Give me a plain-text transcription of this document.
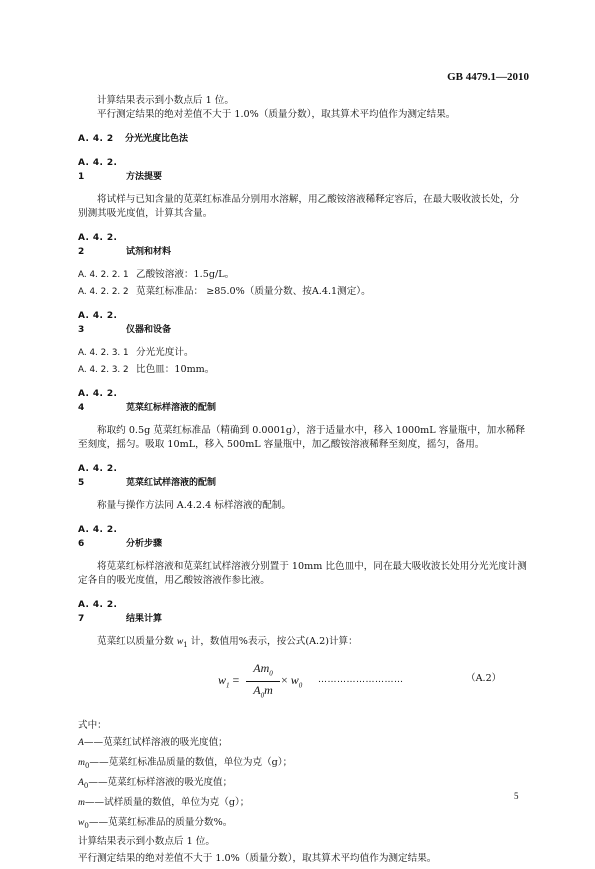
GB 4479.1—2010

计算结果表示到小数点后 1 位。

平行测定结果的绝对差值不大于 1.0%（质量分数），取其算术平均值作为测定结果。

A. 4. 2 分光光度比色法
A. 4. 2. 1	方法提要

将试样与已知含量的苋菜红标准品分别用水溶解，用乙酸铵溶液稀释定容后，在最大吸收波长处，分别测其吸光度值，计算其含量。

A. 4. 2. 2	试剂和材料
A. 4. 2. 2. 1 乙酸铵溶液：1.5g/L。
A. 4. 2. 2. 2 苋菜红标准品： ≥85.0%（质量分数、按A.4.1测定）。
A. 4. 2. 3	仪器和设备
A. 4. 2. 3. 1 分光光度计。
A. 4. 2. 3. 2 比色皿：10mm。
A. 4. 2. 4	苋菜红标样溶液的配制

称取约 0.5g 苋菜红标准品（精确到 0.0001g），溶于适量水中，移入 1000mL 容量瓶中，加水稀释至刻度，摇匀。吸取 10mL，移入 500mL 容量瓶中，加乙酸铵溶液稀释至刻度，摇匀，备用。

A. 4. 2. 5	苋菜红试样溶液的配制

称量与操作方法同 A.4.2.4 标样溶液的配制。

A. 4. 2. 6	分析步骤

将苋菜红标样溶液和苋菜红试样溶液分别置于 10mm 比色皿中，同在最大吸收波长处用分光光度计测定各自的吸光度值，用乙酸铵溶液作参比液。

A. 4. 2. 7	结果计算

苋菜红以质量分数 $w_1$ 计，数值用%表示，按公式(A.2)计算：

$w_1$ =
$Am_0$
$A_0m$
× $w_0$
………………………	（A.2）

式中：

A——苋菜红试样溶液的吸光度值；

$m_0——$苋菜红标准品质量的数值，单位为克（g）；

$A_0——$苋菜红标样溶液的吸光度值；

m——试样质量的数值，单位为克（g）；

$w_0——$苋菜红标准品的质量分数%。

计算结果表示到小数点后 1 位。

平行测定结果的绝对差值不大于 1.0%（质量分数），取其算术平均值作为测定结果。

5
